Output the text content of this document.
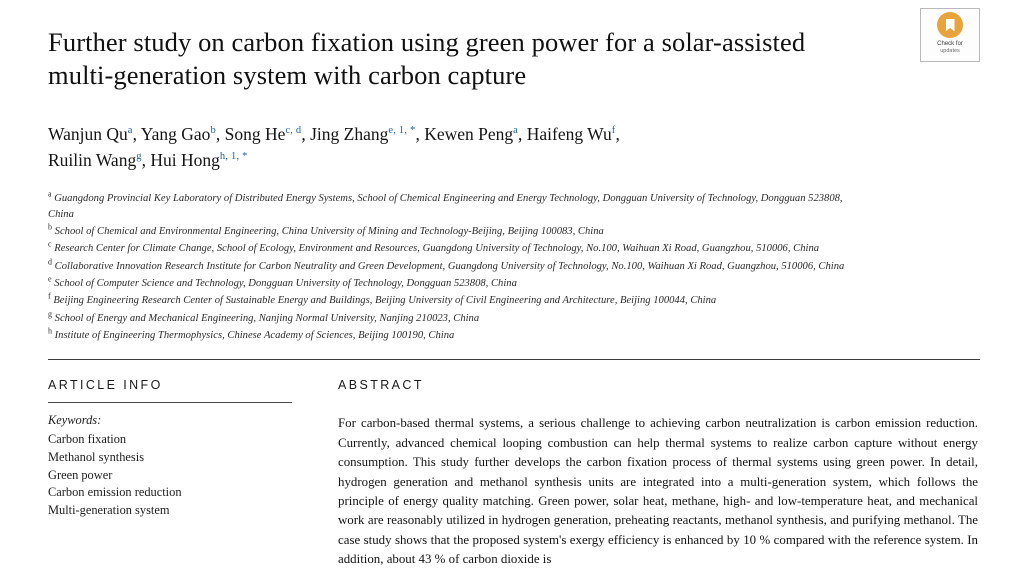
Check for
updates
Further study on carbon fixation using green power for a solar-assisted multi-generation system with carbon capture
Wanjun Qu$^a$, Yang Gao$^b$, Song He$^{c, d}$, Jing Zhang$^{e, 1, *}$, Kewen Peng$^a$, Haifeng Wu$^f$,
Ruilin Wang$^g$, Hui Hong$^{h, 1, *}$
$^a$ Guangdong Provincial Key Laboratory of Distributed Energy Systems, School of Chemical Engineering and Energy Technology, Dongguan University of Technology, Dongguan 523808, China
$^b$ School of Chemical and Environmental Engineering, China University of Mining and Technology-Beijing, Beijing 100083, China
$^c$ Research Center for Climate Change, School of Ecology, Environment and Resources, Guangdong University of Technology, No.100, Waihuan Xi Road, Guangzhou, 510006, China
$^d$ Collaborative Innovation Research Institute for Carbon Neutrality and Green Development, Guangdong University of Technology, No.100, Waihuan Xi Road, Guangzhou, 510006, China
$^e$ School of Computer Science and Technology, Dongguan University of Technology, Dongguan 523808, China
$^f$ Beijing Engineering Research Center of Sustainable Energy and Buildings, Beijing University of Civil Engineering and Architecture, Beijing 100044, China
$^g$ School of Energy and Mechanical Engineering, Nanjing Normal University, Nanjing 210023, China
$^h$ Institute of Engineering Thermophysics, Chinese Academy of Sciences, Beijing 100190, China
ARTICLE INFO
Keywords:
Carbon fixation
Methanol synthesis
Green power
Carbon emission reduction
Multi-generation system
ABSTRACT
For carbon-based thermal systems, a serious challenge to achieving carbon neutralization is carbon emission reduction. Currently, advanced chemical looping combustion can help thermal systems to realize carbon capture without energy consumption. This study further develops the carbon fixation process of thermal systems using green power. In detail, hydrogen generation and methanol synthesis units are integrated into a multi-generation system, which follows the principle of energy quality matching. Green power, solar heat, methane, high- and low-temperature heat, and mechanical work are reasonably utilized in hydrogen generation, preheating reactants, methanol synthesis, and purifying methanol. The case study shows that the proposed system's exergy efficiency is enhanced by 10 % compared with the reference system. In addition, about 43 % of carbon dioxide is
